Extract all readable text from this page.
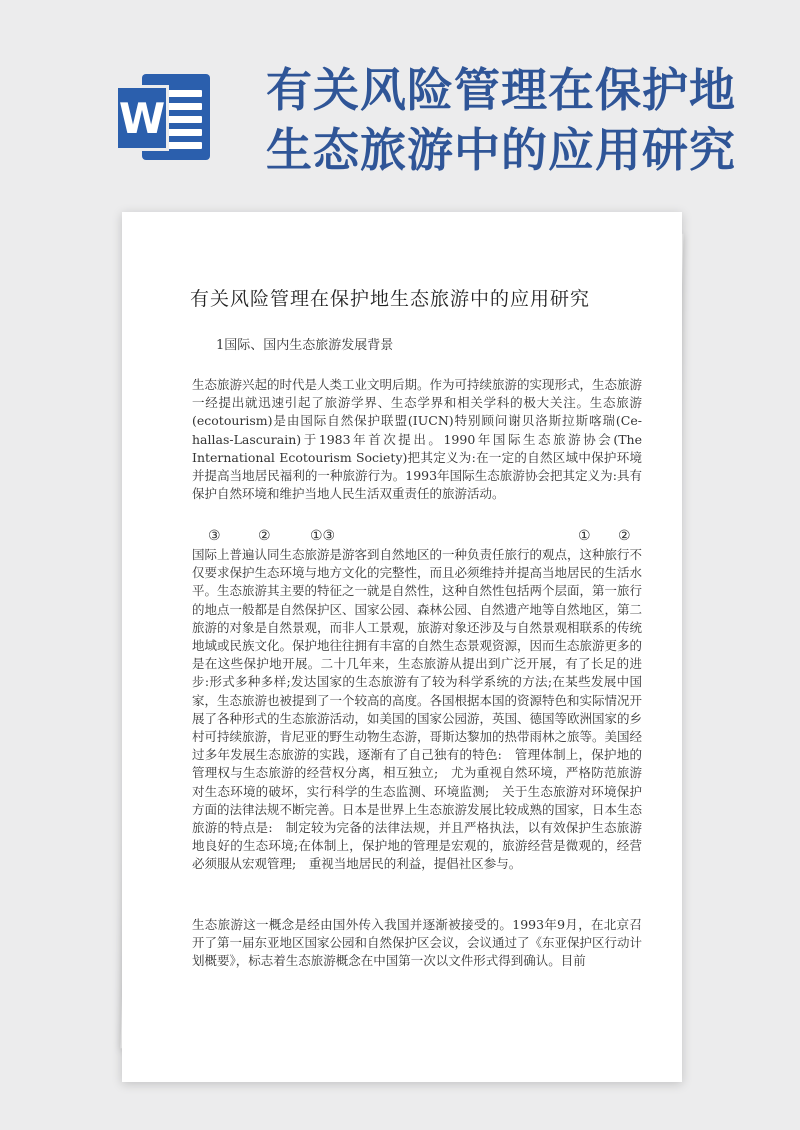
W
有关风险管理在保护地
生态旅游中的应用研究
有关风险管理在保护地生态旅游中的应用研究
1国际、国内生态旅游发展背景

生态旅游兴起的时代是人类工业文明后期。作为可持续旅游的实现形式，生态旅游一经提出就迅速引起了旅游学界、生态学界和相关学科的极大关注。生态旅游(ecotourism)是由国际自然保护联盟(IUCN)特别顾问谢贝洛斯拉斯喀瑞(Ce-hallas-Lascurain)于1983年首次提出。1990年国际生态旅游协会(The International Ecotourism Society)把其定义为:在一定的自然区域中保护环境并提高当地居民福利的一种旅游行为。1993年国际生态旅游协会把其定义为:具有保护自然环境和维护当地人民生活双重责任的旅游活动。

③	②	①③	① ②

国际上普遍认同生态旅游是游客到自然地区的一种负责任旅行的观点，这种旅行不仅要求保护生态环境与地方文化的完整性，而且必须维持并提高当地居民的生活水平。生态旅游其主要的特征之一就是自然性，这种自然性包括两个层面，第一旅行的地点一般都是自然保护区、国家公园、森林公园、自然遗产地等自然地区，第二旅游的对象是自然景观，而非人工景观，旅游对象还涉及与自然景观相联系的传统地域或民族文化。保护地往往拥有丰富的自然生态景观资源，因而生态旅游更多的是在这些保护地开展。二十几年来，生态旅游从提出到广泛开展，有了长足的进步:形式多种多样;发达国家的生态旅游有了较为科学系统的方法;在某些发展中国家，生态旅游也被提到了一个较高的高度。各国根据本国的资源特色和实际情况开展了各种形式的生态旅游活动，如美国的国家公园游，英国、德国等欧洲国家的乡村可持续旅游，肯尼亚的野生动物生态游，哥斯达黎加的热带雨林之旅等。美国经过多年发展生态旅游的实践，逐渐有了自己独有的特色:　管理体制上，保护地的管理权与生态旅游的经营权分离，相互独立;　尤为重视自然环境，严格防范旅游对生态环境的破坏，实行科学的生态监测、环境监测;　关于生态旅游对环境保护方面的法律法规不断完善。日本是世界上生态旅游发展比较成熟的国家，日本生态旅游的特点是:　制定较为完备的法律法规，并且严格执法，以有效保护生态旅游地良好的生态环境;在体制上，保护地的管理是宏观的，旅游经营是微观的，经营必须服从宏观管理;　重视当地居民的利益，提倡社区参与。

生态旅游这一概念是经由国外传入我国并逐渐被接受的。1993年9月，在北京召开了第一届东亚地区国家公园和自然保护区会议，会议通过了《东亚保护区行动计划概要》，标志着生态旅游概念在中国第一次以文件形式得到确认。目前
